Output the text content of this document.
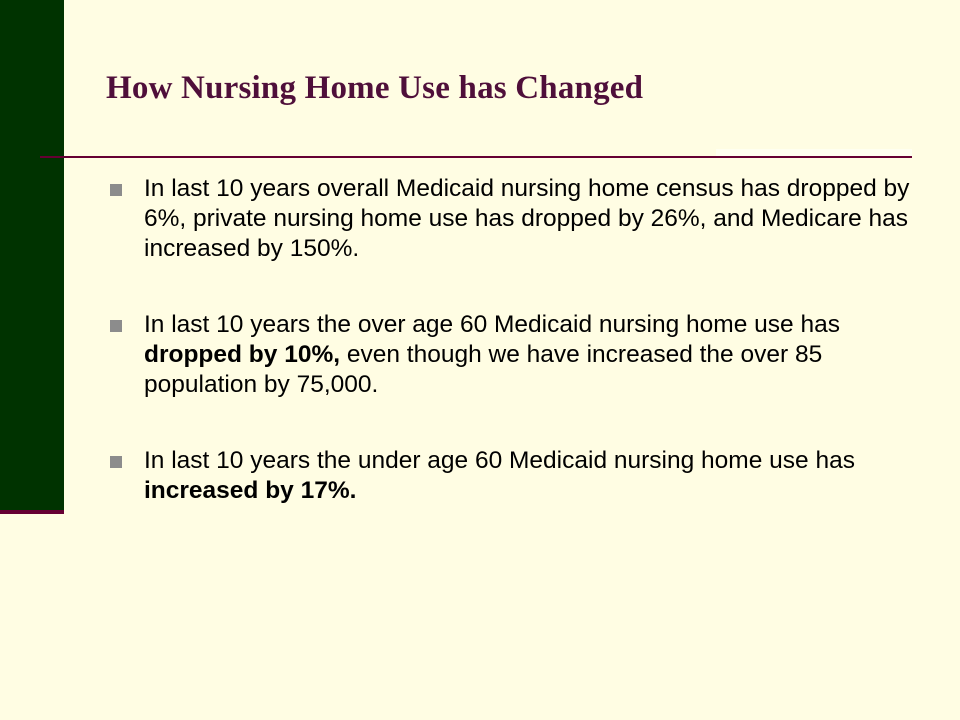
How Nursing Home Use has Changed
In last 10 years overall Medicaid nursing home census has dropped by 6%, private nursing home use has dropped by 26%, and Medicare has increased by 150%.
In last 10 years the over age 60 Medicaid nursing home use has dropped by 10%, even though we have increased the over 85 population by 75,000.
In last 10 years the under age 60 Medicaid nursing home use has increased by 17%.
